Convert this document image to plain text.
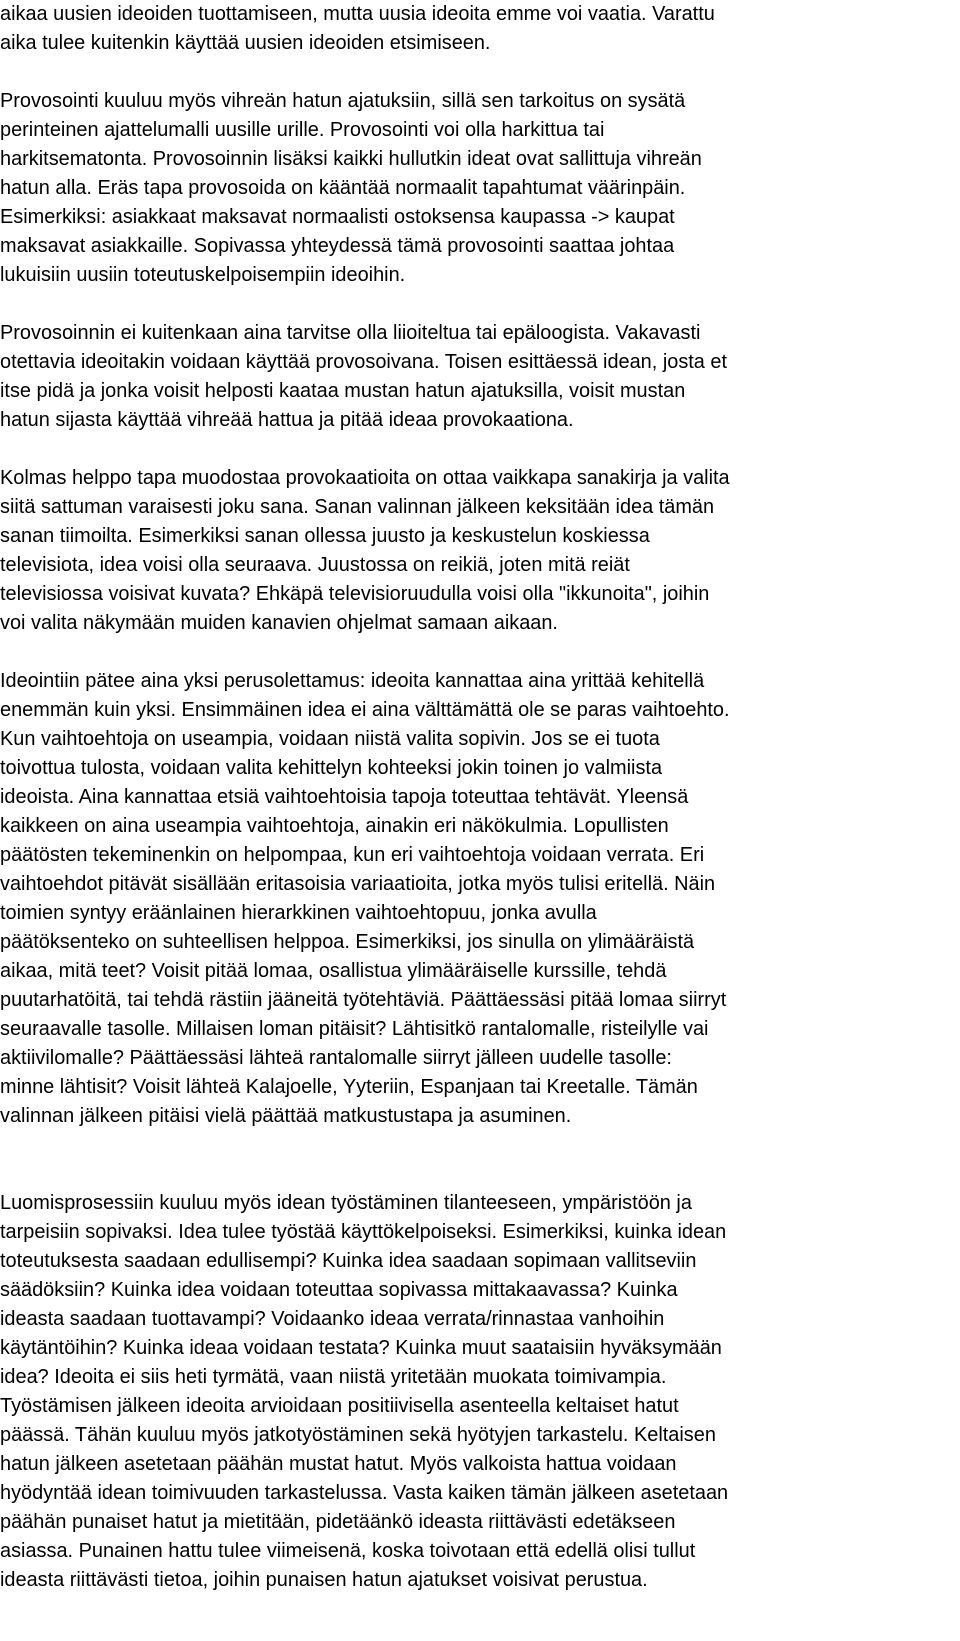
aikaa uusien ideoiden tuottamiseen, mutta uusia ideoita emme voi vaatia. Varattu
aika tulee kuitenkin käyttää uusien ideoiden etsimiseen.
Provosointi kuuluu myös vihreän hatun ajatuksiin, sillä sen tarkoitus on sysätä
perinteinen ajattelumalli uusille urille. Provosointi voi olla harkittua tai
harkitsematonta. Provosoinnin lisäksi kaikki hullutkin ideat ovat sallittuja vihreän
hatun alla. Eräs tapa provosoida on kääntää normaalit tapahtumat väärinpäin.
Esimerkiksi: asiakkaat maksavat normaalisti ostoksensa kaupassa -> kaupat
maksavat asiakkaille. Sopivassa yhteydessä tämä provosointi saattaa johtaa
lukuisiin uusiin toteutuskelpoisempiin ideoihin.
Provosoinnin ei kuitenkaan aina tarvitse olla liioiteltua tai epäloogista. Vakavasti
otettavia ideoitakin voidaan käyttää provosoivana. Toisen esittäessä idean, josta et
itse pidä ja jonka voisit helposti kaataa mustan hatun ajatuksilla, voisit mustan
hatun sijasta käyttää vihreää hattua ja pitää ideaa provokaationa.
Kolmas helppo tapa muodostaa provokaatioita on ottaa vaikkapa sanakirja ja valita
siitä sattuman varaisesti joku sana. Sanan valinnan jälkeen keksitään idea tämän
sanan tiimoilta. Esimerkiksi sanan ollessa juusto ja keskustelun koskiessa
televisiota, idea voisi olla seuraava. Juustossa on reikiä, joten mitä reiät
televisiossa voisivat kuvata? Ehkäpä televisioruudulla voisi olla "ikkunoita", joihin
voi valita näkymään muiden kanavien ohjelmat samaan aikaan.
Ideointiin pätee aina yksi perusolettamus: ideoita kannattaa aina yrittää kehitellä
enemmän kuin yksi. Ensimmäinen idea ei aina välttämättä ole se paras vaihtoehto.
Kun vaihtoehtoja on useampia, voidaan niistä valita sopivin. Jos se ei tuota
toivottua tulosta, voidaan valita kehittelyn kohteeksi jokin toinen jo valmiista
ideoista. Aina kannattaa etsiä vaihtoehtoisia tapoja toteuttaa tehtävät. Yleensä
kaikkeen on aina useampia vaihtoehtoja, ainakin eri näkökulmia. Lopullisten
päätösten tekeminenkin on helpompaa, kun eri vaihtoehtoja voidaan verrata. Eri
vaihtoehdot pitävät sisällään eritasoisia variaatioita, jotka myös tulisi eritellä. Näin
toimien syntyy eräänlainen hierarkkinen vaihtoehtopuu, jonka avulla
päätöksenteko on suhteellisen helppoa. Esimerkiksi, jos sinulla on ylimääräistä
aikaa, mitä teet? Voisit pitää lomaa, osallistua ylimääräiselle kurssille, tehdä
puutarhatöitä, tai tehdä rästiin jääneitä työtehtäviä. Päättäessäsi pitää lomaa siirryt
seuraavalle tasolle. Millaisen loman pitäisit? Lähtisitkö rantalomalle, risteilylle vai
aktiivilomalle? Päättäessäsi lähteä rantalomalle siirryt jälleen uudelle tasolle:
minne lähtisit? Voisit lähteä Kalajoelle, Yyteriin, Espanjaan tai Kreetalle. Tämän
valinnan jälkeen pitäisi vielä päättää matkustustapa ja asuminen.
Luomisprosessiin kuuluu myös idean työstäminen tilanteeseen, ympäristöön ja
tarpeisiin sopivaksi. Idea tulee työstää käyttökelpoiseksi. Esimerkiksi, kuinka idean
toteutuksesta saadaan edullisempi? Kuinka idea saadaan sopimaan vallitseviin
säädöksiin? Kuinka idea voidaan toteuttaa sopivassa mittakaavassa? Kuinka
ideasta saadaan tuottavampi? Voidaanko ideaa verrata/rinnastaa vanhoihin
käytäntöihin? Kuinka ideaa voidaan testata? Kuinka muut saataisiin hyväksymään
idea? Ideoita ei siis heti tyrmätä, vaan niistä yritetään muokata toimivampia.
Työstämisen jälkeen ideoita arvioidaan positiivisella asenteella keltaiset hatut
päässä. Tähän kuuluu myös jatkotyöstäminen sekä hyötyjen tarkastelu. Keltaisen
hatun jälkeen asetetaan päähän mustat hatut. Myös valkoista hattua voidaan
hyödyntää idean toimivuuden tarkastelussa. Vasta kaiken tämän jälkeen asetetaan
päähän punaiset hatut ja mietitään, pidetäänkö ideasta riittävästi edetäkseen
asiassa. Punainen hattu tulee viimeisenä, koska toivotaan että edellä olisi tullut
ideasta riittävästi tietoa, joihin punaisen hatun ajatukset voisivat perustua.
